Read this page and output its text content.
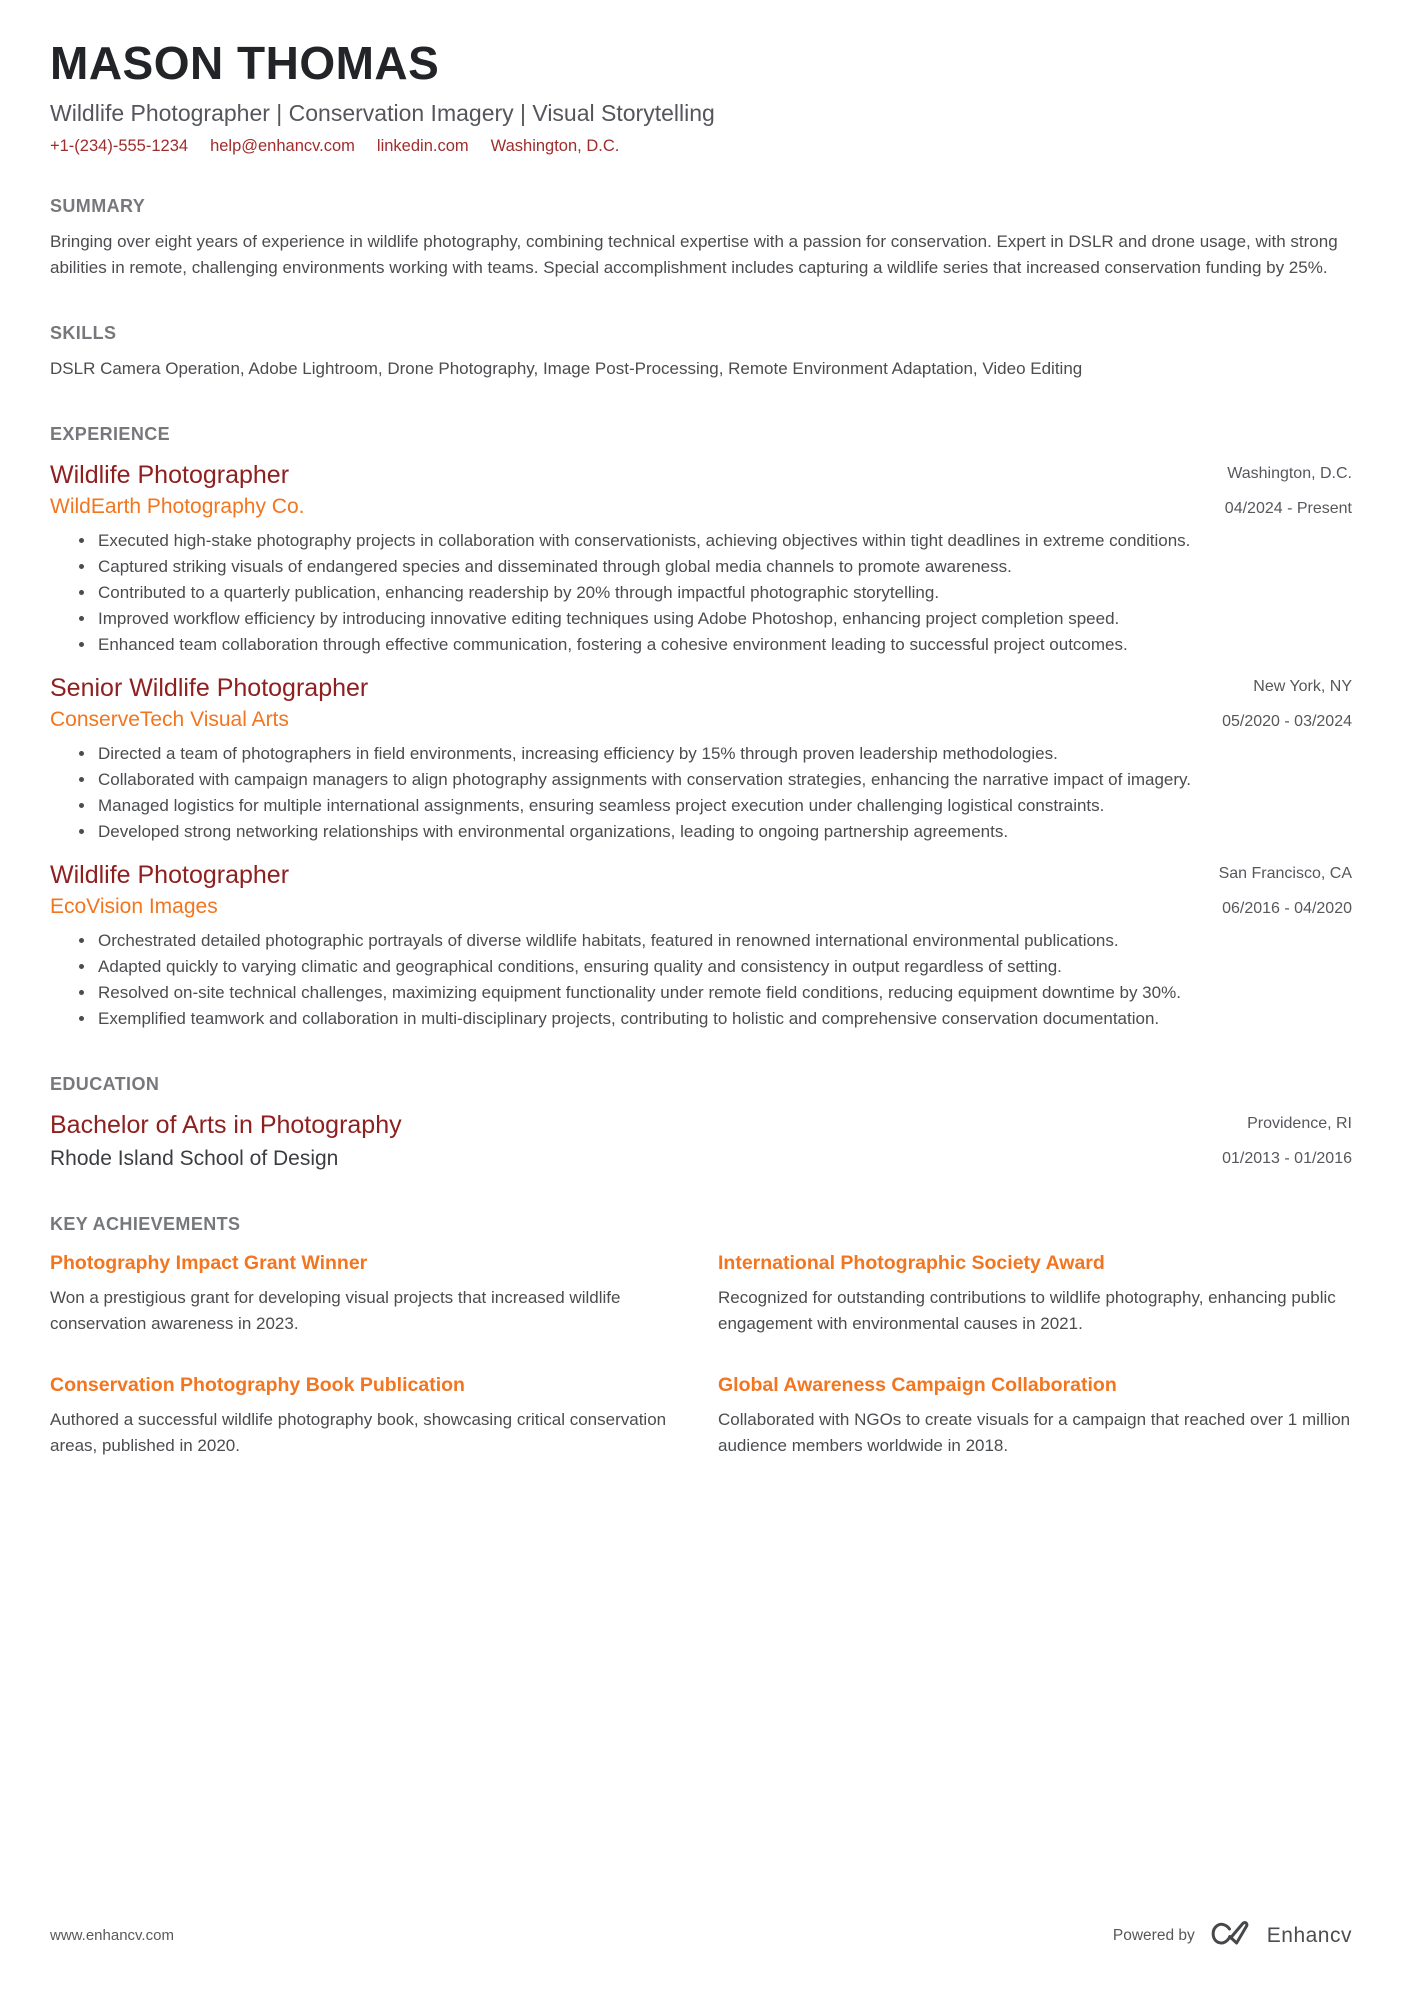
MASON THOMAS
Wildlife Photographer | Conservation Imagery | Visual Storytelling
+1-(234)-555-1234 help@enhancv.com linkedin.com Washington, D.C.
SUMMARY

Bringing over eight years of experience in wildlife photography, combining technical expertise with a passion for conservation. Expert in DSLR and drone usage, with strong abilities in remote, challenging environments working with teams. Special accomplishment includes capturing a wildlife series that increased conservation funding by 25%.

SKILLS

DSLR Camera Operation, Adobe Lightroom, Drone Photography, Image Post-Processing, Remote Environment Adaptation, Video Editing

EXPERIENCE
Wildlife Photographer
WildEarth Photography Co.
Washington, D.C.
04/2024 - Present
• Executed high-stake photography projects in collaboration with conservationists, achieving objectives within tight deadlines in extreme conditions.
• Captured striking visuals of endangered species and disseminated through global media channels to promote awareness.
• Contributed to a quarterly publication, enhancing readership by 20% through impactful photographic storytelling.
• Improved workflow efficiency by introducing innovative editing techniques using Adobe Photoshop, enhancing project completion speed.
• Enhanced team collaboration through effective communication, fostering a cohesive environment leading to successful project outcomes.
Senior Wildlife Photographer
ConserveTech Visual Arts
New York, NY
05/2020 - 03/2024
• Directed a team of photographers in field environments, increasing efficiency by 15% through proven leadership methodologies.
• Collaborated with campaign managers to align photography assignments with conservation strategies, enhancing the narrative impact of imagery.
• Managed logistics for multiple international assignments, ensuring seamless project execution under challenging logistical constraints.
• Developed strong networking relationships with environmental organizations, leading to ongoing partnership agreements.
Wildlife Photographer
EcoVision Images
San Francisco, CA
06/2016 - 04/2020
• Orchestrated detailed photographic portrayals of diverse wildlife habitats, featured in renowned international environmental publications.
• Adapted quickly to varying climatic and geographical conditions, ensuring quality and consistency in output regardless of setting.
• Resolved on-site technical challenges, maximizing equipment functionality under remote field conditions, reducing equipment downtime by 30%.
• Exemplified teamwork and collaboration in multi-disciplinary projects, contributing to holistic and comprehensive conservation documentation.
EDUCATION
Bachelor of Arts in Photography
Rhode Island School of Design
Providence, RI
01/2013 - 01/2016
KEY ACHIEVEMENTS
Photography Impact Grant Winner

Won a prestigious grant for developing visual projects that increased wildlife conservation awareness in 2023.

International Photographic Society Award

Recognized for outstanding contributions to wildlife photography, enhancing public engagement with environmental causes in 2021.

Conservation Photography Book Publication

Authored a successful wildlife photography book, showcasing critical conservation areas, published in 2020.

Global Awareness Campaign Collaboration

Collaborated with NGOs to create visuals for a campaign that reached over 1 million audience members worldwide in 2018.

www.enhancv.com	Powered by	Enhancv
